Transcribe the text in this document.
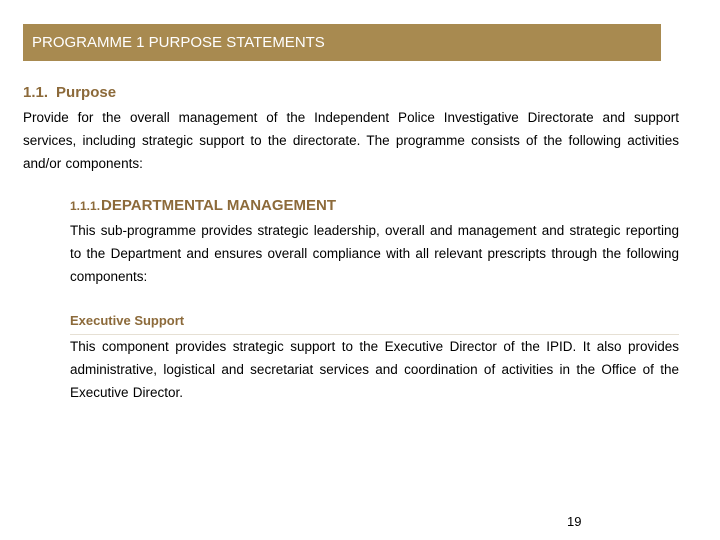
PROGRAMME 1 PURPOSE STATEMENTS
1.1. Purpose
Provide for the overall management of the Independent Police Investigative Directorate and support services, including strategic support to the directorate. The programme consists of the following activities and/or components:
1.1.1.DEPARTMENTAL MANAGEMENT
This sub-programme provides strategic leadership, overall and management and strategic reporting to the Department and ensures overall compliance with all relevant prescripts through the following components:
Executive Support
This component provides strategic support to the Executive Director of the IPID. It also provides administrative, logistical and secretariat services and coordination of activities in the Office of the Executive Director.
19
